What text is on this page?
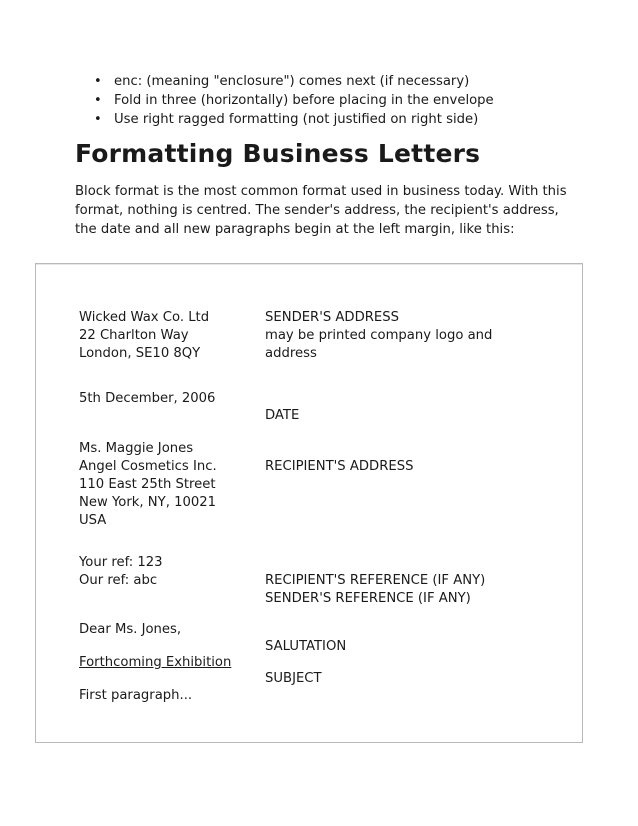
• enc: (meaning "enclosure") comes next (if necessary)
• Fold in three (horizontally) before placing in the envelope
• Use right ragged formatting (not justified on right side)
Formatting Business Letters

Block format is the most common format used in business today. With this format, nothing is centred. The sender's address, the recipient's address, the date and all new paragraphs begin at the left margin, like this:

Wicked Wax Co. Ltd
22 Charlton Way
London, SE10 8QY
SENDER'S ADDRESS
may be printed company logo and
address
5th December, 2006
DATE
Ms. Maggie Jones
Angel Cosmetics Inc.
110 East 25th Street
New York, NY, 10021
USA
RECIPIENT'S ADDRESS
Your ref: 123
Our ref: abc	RECIPIENT'S REFERENCE (IF ANY)
SENDER'S REFERENCE (IF ANY)
Dear Ms. Jones,
SALUTATION
Forthcoming Exhibition
SUBJECT
First paragraph...
